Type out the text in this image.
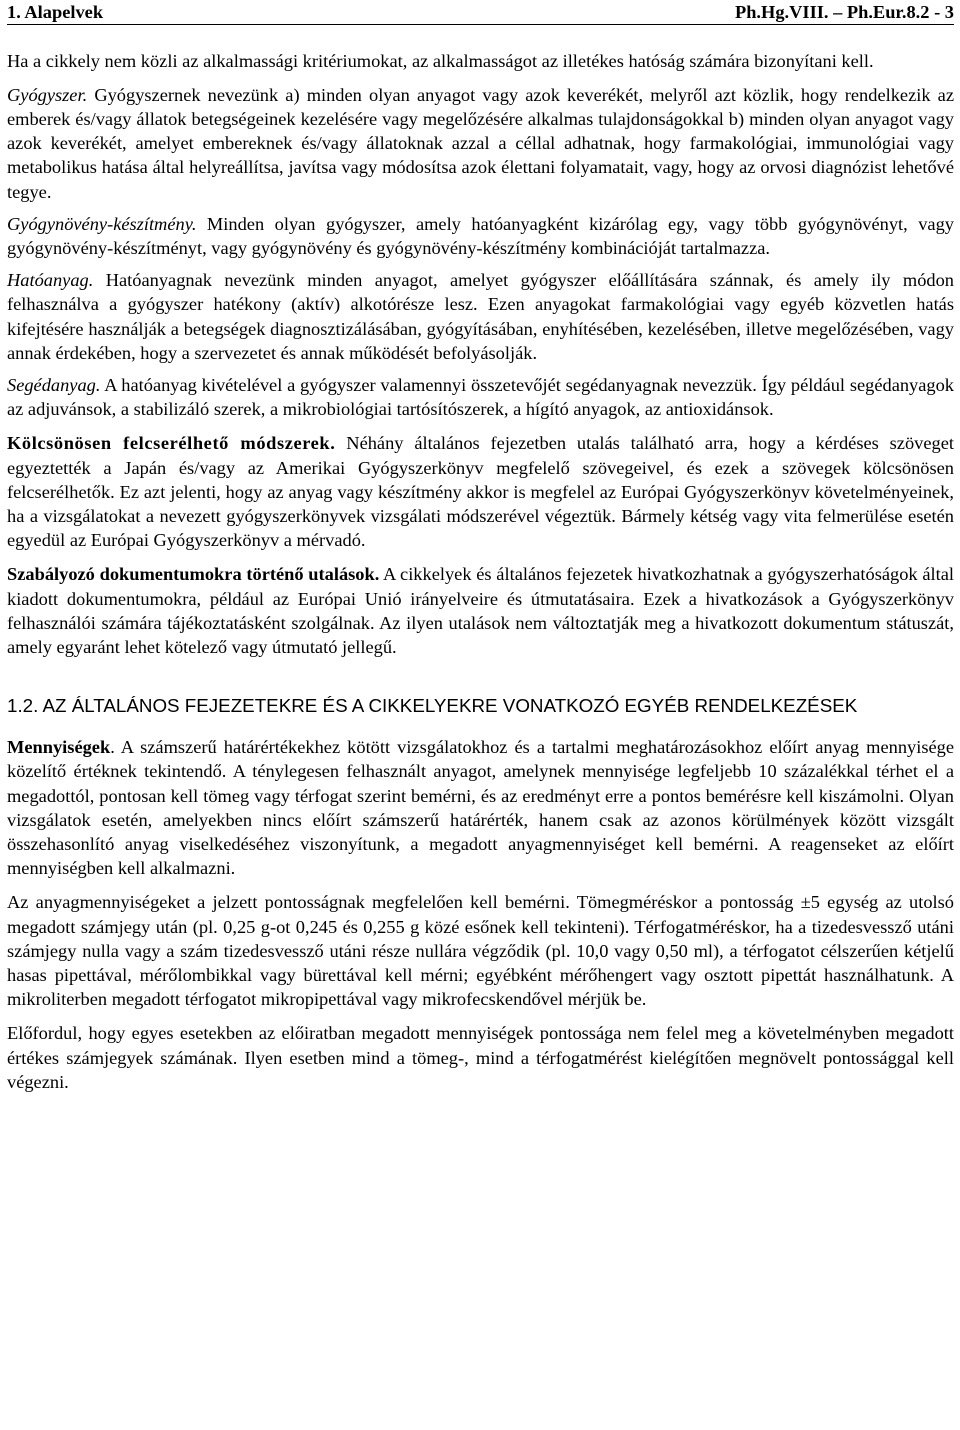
1. Alapelvek	Ph.Hg.VIII. – Ph.Eur.8.2 - 3

Ha a cikkely nem közli az alkalmassági kritériumokat, az alkalmasságot az illetékes hatóság számára bizonyítani kell.

Gyógyszer. Gyógyszernek nevezünk a) minden olyan anyagot vagy azok keverékét, melyről azt közlik, hogy rendelkezik az emberek és/vagy állatok betegségeinek kezelésére vagy megelőzésére alkalmas tulajdonságokkal b) minden olyan anyagot vagy azok keverékét, amelyet embereknek és/vagy állatoknak azzal a céllal adhatnak, hogy farmakológiai, immunológiai vagy metabolikus hatása által helyreállítsa, javítsa vagy módosítsa azok élettani folyamatait, vagy, hogy az orvosi diagnózist lehetővé tegye.

Gyógynövény-készítmény. Minden olyan gyógyszer, amely hatóanyagként kizárólag egy, vagy több gyógynövényt, vagy gyógynövény-készítményt, vagy gyógynövény és gyógynövény-készítmény kombinációját tartalmazza.

Hatóanyag. Hatóanyagnak nevezünk minden anyagot, amelyet gyógyszer előállítására szánnak, és amely ily módon felhasználva a gyógyszer hatékony (aktív) alkotórésze lesz. Ezen anyagokat farmakológiai vagy egyéb közvetlen hatás kifejtésére használják a betegségek diagnosztizálásában, gyógyításában, enyhítésében, kezelésében, illetve megelőzésében, vagy annak érdekében, hogy a szervezetet és annak működését befolyásolják.

Segédanyag. A hatóanyag kivételével a gyógyszer valamennyi összetevőjét segédanyagnak nevezzük. Így például segédanyagok az adjuvánsok, a stabilizáló szerek, a mikrobiológiai tartósítószerek, a hígító anyagok, az antioxidánsok.

Kölcsönösen felcserélhető módszerek. Néhány általános fejezetben utalás található arra, hogy a kérdéses szöveget egyeztették a Japán és/vagy az Amerikai Gyógyszerkönyv megfelelő szövegeivel, és ezek a szövegek kölcsönösen felcserélhetők. Ez azt jelenti, hogy az anyag vagy készítmény akkor is megfelel az Európai Gyógyszerkönyv követelményeinek, ha a vizsgálatokat a nevezett gyógyszerkönyvek vizsgálati módszerével végeztük. Bármely kétség vagy vita felmerülése esetén egyedül az Európai Gyógyszerkönyv a mérvadó.

Szabályozó dokumentumokra történő utalások. A cikkelyek és általános fejezetek hivatkozhatnak a gyógyszerhatóságok által kiadott dokumentumokra, például az Európai Unió irányelveire és útmutatásaira. Ezek a hivatkozások a Gyógyszerkönyv felhasználói számára tájékoztatásként szolgálnak. Az ilyen utalások nem változtatják meg a hivatkozott dokumentum státuszát, amely egyaránt lehet kötelező vagy útmutató jellegű.

1.2. AZ ÁLTALÁNOS FEJEZETEKRE ÉS A CIKKELYEKRE VONATKOZÓ EGYÉB RENDELKEZÉSEK

Mennyiségek. A számszerű határértékekhez kötött vizsgálatokhoz és a tartalmi meghatározásokhoz előírt anyag mennyisége közelítő értéknek tekintendő. A ténylegesen felhasznált anyagot, amelynek mennyisége legfeljebb 10 százalékkal térhet el a megadottól, pontosan kell tömeg vagy térfogat szerint bemérni, és az eredményt erre a pontos bemérésre kell kiszámolni. Olyan vizsgálatok esetén, amelyekben nincs előírt számszerű határérték, hanem csak az azonos körülmények között vizsgált összehasonlító anyag viselkedéséhez viszonyítunk, a megadott anyagmennyiséget kell bemérni. A reagenseket az előírt mennyiségben kell alkalmazni.

Az anyagmennyiségeket a jelzett pontosságnak megfelelően kell bemérni. Tömegméréskor a pontosság ±5 egység az utolsó megadott számjegy után (pl. 0,25 g-ot 0,245 és 0,255 g közé esőnek kell tekinteni). Térfogatméréskor, ha a tizedesvessző utáni számjegy nulla vagy a szám tizedesvessző utáni része nullára végződik (pl. 10,0 vagy 0,50 ml), a térfogatot célszerűen kétjelű hasas pipettával, mérőlombikkal vagy bürettával kell mérni; egyébként mérőhengert vagy osztott pipettát használhatunk. A mikroliterben megadott térfogatot mikropipettával vagy mikrofecskendővel mérjük be.

Előfordul, hogy egyes esetekben az előiratban megadott mennyiségek pontossága nem felel meg a követelményben megadott értékes számjegyek számának. Ilyen esetben mind a tömeg-, mind a térfogatmérést kielégítően megnövelt pontossággal kell végezni.
